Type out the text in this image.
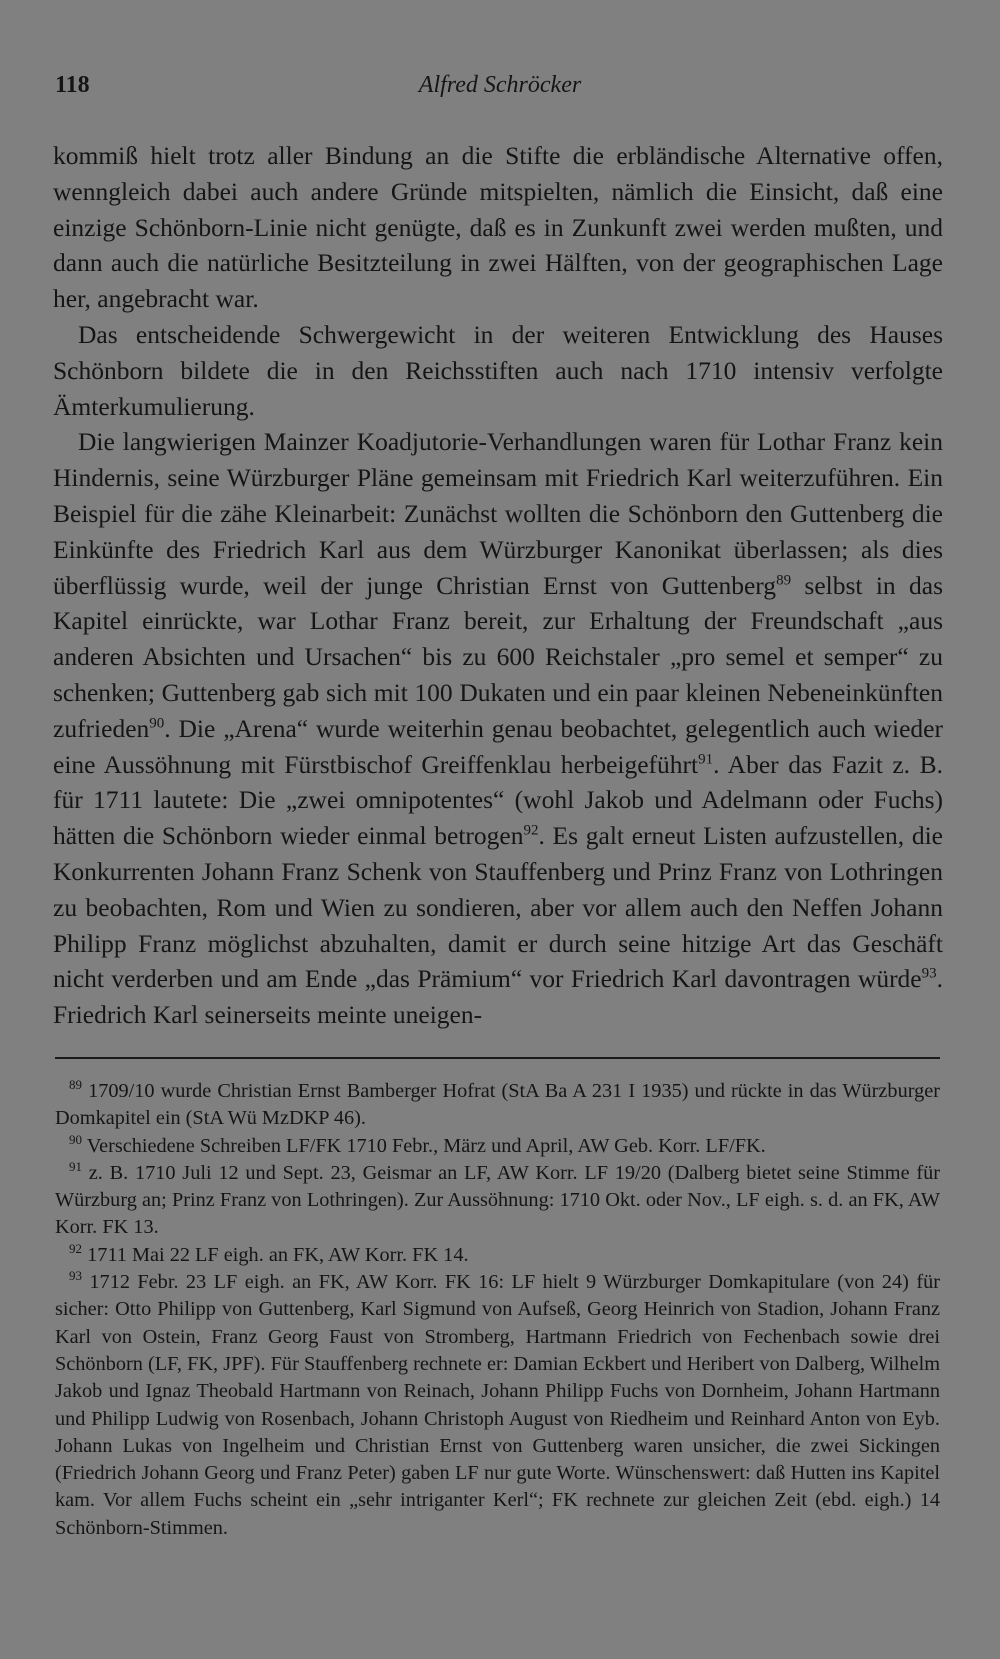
118	Alfred Schröcker

kommiß hielt trotz aller Bindung an die Stifte die erbländische Alternative offen, wenngleich dabei auch andere Gründe mitspielten, nämlich die Einsicht, daß eine einzige Schönborn-Linie nicht genügte, daß es in Zunkunft zwei werden mußten, und dann auch die natürliche Besitzteilung in zwei Hälften, von der geographischen Lage her, angebracht war.

Das entscheidende Schwergewicht in der weiteren Entwicklung des Hauses Schönborn bildete die in den Reichsstiften auch nach 1710 intensiv verfolgte Ämterkumulierung.

Die langwierigen Mainzer Koadjutorie-Verhandlungen waren für Lothar Franz kein Hindernis, seine Würzburger Pläne gemeinsam mit Friedrich Karl weiterzuführen. Ein Beispiel für die zähe Kleinarbeit: Zunächst wollten die Schönborn den Guttenberg die Einkünfte des Friedrich Karl aus dem Würzburger Kanonikat überlassen; als dies überflüssig wurde, weil der junge Christian Ernst von Guttenberg$^{89}$ selbst in das Kapitel einrückte, war Lothar Franz bereit, zur Erhaltung der Freundschaft „aus anderen Absichten und Ursachen“ bis zu 600 Reichstaler „pro semel et semper“ zu schenken; Guttenberg gab sich mit 100 Dukaten und ein paar kleinen Nebeneinkünften zufrieden$^{90}$. Die „Arena“ wurde weiterhin genau beobachtet, gelegentlich auch wieder eine Aussöhnung mit Fürstbischof Greiffenklau herbeigeführt$^{91}$. Aber das Fazit z. B. für 1711 lautete: Die „zwei omnipotentes“ (wohl Jakob und Adelmann oder Fuchs) hätten die Schönborn wieder einmal betrogen$^{92}$. Es galt erneut Listen aufzustellen, die Konkurrenten Johann Franz Schenk von Stauffenberg und Prinz Franz von Lothringen zu beobachten, Rom und Wien zu sondieren, aber vor allem auch den Neffen Johann Philipp Franz möglichst abzuhalten, damit er durch seine hitzige Art das Geschäft nicht verderben und am Ende „das Prämium“ vor Friedrich Karl davontragen würde$^{93}$. Friedrich Karl seinerseits meinte uneigen-

$^{89}$ 1709/10 wurde Christian Ernst Bamberger Hofrat (StA Ba A 231 I 1935) und rückte in das Würzburger Domkapitel ein (StA Wü MzDKP 46).

$^{90}$ Verschiedene Schreiben LF/FK 1710 Febr., März und April, AW Geb. Korr. LF/FK.

$^{91}$ z. B. 1710 Juli 12 und Sept. 23, Geismar an LF, AW Korr. LF 19/20 (Dalberg bietet seine Stimme für Würzburg an; Prinz Franz von Lothringen). Zur Aussöhnung: 1710 Okt. oder Nov., LF eigh. s. d. an FK, AW Korr. FK 13.

$^{92}$ 1711 Mai 22 LF eigh. an FK, AW Korr. FK 14.

$^{93}$ 1712 Febr. 23 LF eigh. an FK, AW Korr. FK 16: LF hielt 9 Würzburger Domkapitulare (von 24) für sicher: Otto Philipp von Guttenberg, Karl Sigmund von Aufseß, Georg Heinrich von Stadion, Johann Franz Karl von Ostein, Franz Georg Faust von Stromberg, Hartmann Friedrich von Fechenbach sowie drei Schönborn (LF, FK, JPF). Für Stauffenberg rechnete er: Damian Eckbert und Heribert von Dalberg, Wilhelm Jakob und Ignaz Theobald Hartmann von Reinach, Johann Philipp Fuchs von Dornheim, Johann Hartmann und Philipp Ludwig von Rosenbach, Johann Christoph August von Riedheim und Reinhard Anton von Eyb. Johann Lukas von Ingelheim und Christian Ernst von Guttenberg waren unsicher, die zwei Sickingen (Friedrich Johann Georg und Franz Peter) gaben LF nur gute Worte. Wünschenswert: daß Hutten ins Kapitel kam. Vor allem Fuchs scheint ein „sehr intriganter Kerl“; FK rechnete zur gleichen Zeit (ebd. eigh.) 14 Schönborn-Stimmen.
